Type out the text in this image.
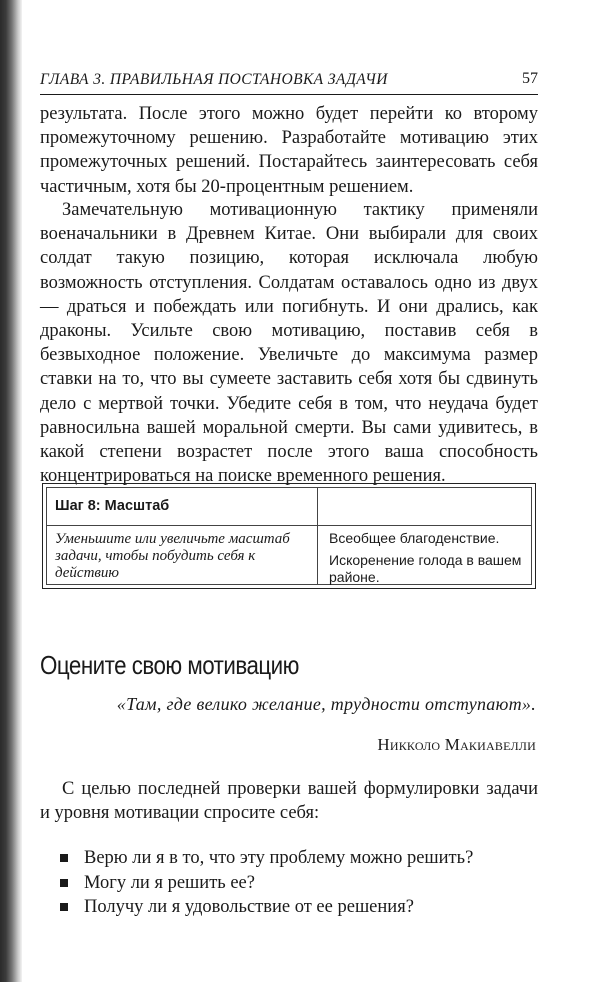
ГЛАВА 3. ПРАВИЛЬНАЯ ПОСТАНОВКА ЗАДАЧИ	57

результата. После этого можно будет перейти ко второму промежуточному решению. Разработайте мотивацию этих промежуточных решений. Постарайтесь заинтересовать себя частичным, хотя бы 20-процентным решением.

Замечательную мотивационную тактику применяли военачальники в Древнем Китае. Они выбирали для своих солдат такую позицию, которая исключала любую возможность отступления. Солдатам оставалось одно из двух — драться и побеждать или погибнуть. И они дрались, как драконы. Усильте свою мотивацию, поставив себя в безвыходное положение. Увеличьте до максимума размер ставки на то, что вы сумеете заставить себя хотя бы сдвинуть дело с мертвой точки. Убедите себя в том, что неудача будет равносильна вашей моральной смерти. Вы сами удивитесь, в какой степени возрастет после этого ваша способность концентрироваться на поиске временного решения.

Шаг 8: Масштаб
Уменьшите или увеличьте масштаб задачи, чтобы побудить себя к действию
Всеобщее благоденствие.
Искоренение голода в вашем районе.
Оцените свою мотивацию

«Там, где велико желание, трудности отступают».

Никколо Макиавелли

С целью последней проверки вашей формулировки задачи и уровня мотивации спросите себя:

Верю ли я в то, что эту проблему можно решить?
Могу ли я решить ее?
Получу ли я удовольствие от ее решения?
